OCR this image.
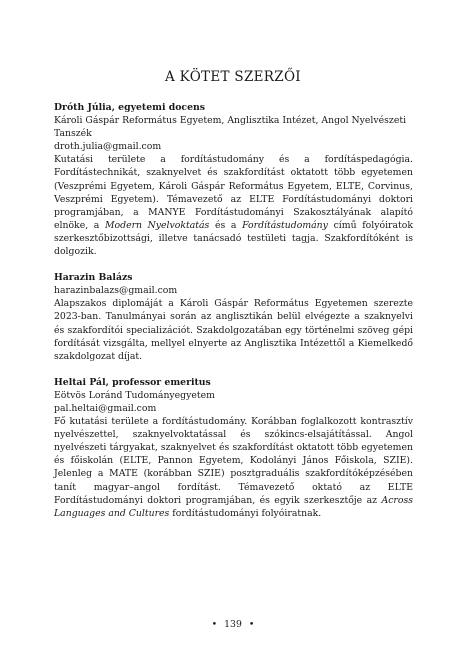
A KÖTET SZERZŐI
Dróth Júlia, egyetemi docens
Károli Gáspár Református Egyetem, Anglisztika Intézet, Angol Nyelvészeti Tanszék
droth.julia@gmail.com
Kutatási területe a fordítástudomány és a fordításpedagógia. Fordítástechnikát, szaknyelvet és szakfordítást oktatott több egyetemen (Veszprémi Egyetem, Károli Gáspár Református Egyetem, ELTE, Corvinus, Veszprémi Egyetem). Témavezető az ELTE Fordítástudományi doktori programjában, a MANYE Fordítástudományi Szakosztályának alapító elnöke, a Modern Nyelvoktatás és a Fordítástudomány című folyóiratok szerkesztőbizottsági, illetve tanácsadó testületi tagja. Szakfordítóként is dolgozik.
Harazin Balázs
harazinbalazs@gmail.com
Alapszakos diplomáját a Károli Gáspár Református Egyetemen szerezte 2023-ban. Tanulmányai során az anglisztikán belül elvégezte a szaknyelvi és szakfordítói specializációt. Szakdolgozatában egy történelmi szöveg gépi fordítását vizsgálta, mellyel elnyerte az Anglisztika Intézettől a Kiemelkedő szakdolgozat díjat.
Heltai Pál, professor emeritus
Eötvös Loránd Tudományegyetem
pal.heltai@gmail.com
Fő kutatási területe a fordítástudomány. Korábban foglalkozott kontrasztív nyelvészettel, szaknyelvoktatással és szókincs-elsajátítással. Angol nyelvészeti tárgyakat, szaknyelvet és szakfordítást oktatott több egyetemen és főiskolán (ELTE, Pannon Egyetem, Kodolányi János Főiskola, SZIE). Jelenleg a MATE (korábban SZIE) posztgraduális szakfordítóképzésében tanít magyar–angol fordítást. Témavezető oktató az ELTE Fordítástudományi doktori programjában, és egyik szerkesztője az Across Languages and Cultures fordítástudományi folyóiratnak.
• 139 •
